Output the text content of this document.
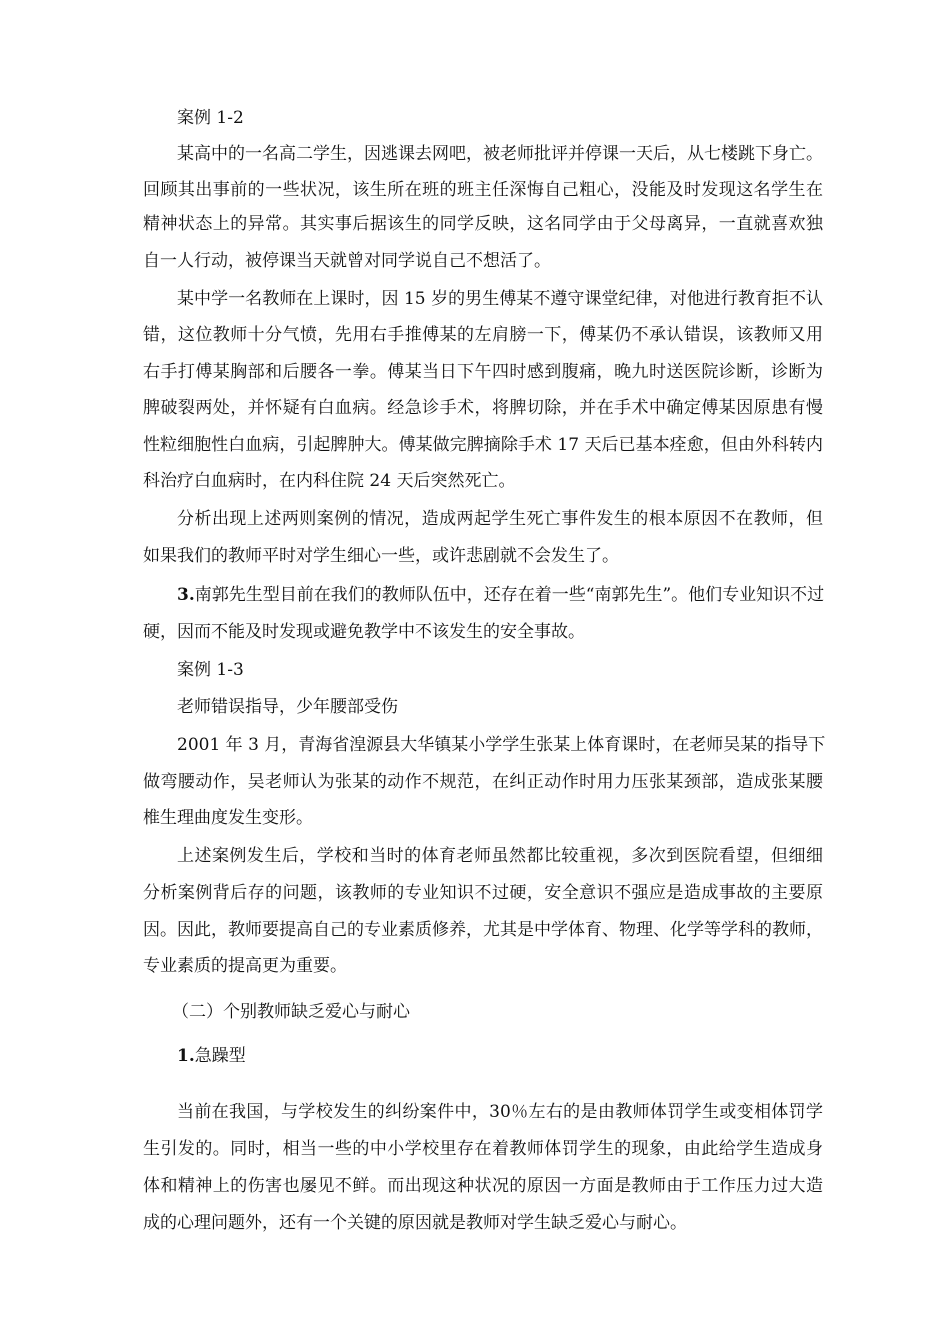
案例 1-2
某高中的一名高二学生，因逃课去网吧，被老师批评并停课一天后，从七楼跳下身亡。
回顾其出事前的一些状况，该生所在班的班主任深悔自己粗心，没能及时发现这名学生在
精神状态上的异常。其实事后据该生的同学反映，这名同学由于父母离异，一直就喜欢独
自一人行动，被停课当天就曾对同学说自己不想活了。
某中学一名教师在上课时，因 15 岁的男生傅某不遵守课堂纪律，对他进行教育拒不认
错，这位教师十分气愤，先用右手推傅某的左肩膀一下，傅某仍不承认错误，该教师又用
右手打傅某胸部和后腰各一拳。傅某当日下午四时感到腹痛，晚九时送医院诊断，诊断为
脾破裂两处，并怀疑有白血病。经急诊手术，将脾切除，并在手术中确定傅某因原患有慢
性粒细胞性白血病，引起脾肿大。傅某做完脾摘除手术 17 天后已基本痊愈，但由外科转内
科治疗白血病时，在内科住院 24 天后突然死亡。
分析出现上述两则案例的情况，造成两起学生死亡事件发生的根本原因不在教师，但
如果我们的教师平时对学生细心一些，或许悲剧就不会发生了。
3.南郭先生型目前在我们的教师队伍中，还存在着一些“南郭先生”。他们专业知识不过
硬，因而不能及时发现或避免教学中不该发生的安全事故。
案例 1-3
老师错误指导，少年腰部受伤
2001 年 3 月，青海省湟源县大华镇某小学学生张某上体育课时，在老师吴某的指导下
做弯腰动作，吴老师认为张某的动作不规范，在纠正动作时用力压张某颈部，造成张某腰
椎生理曲度发生变形。
上述案例发生后，学校和当时的体育老师虽然都比较重视，多次到医院看望，但细细
分析案例背后存的问题，该教师的专业知识不过硬，安全意识不强应是造成事故的主要原
因。因此，教师要提高自己的专业素质修养，尤其是中学体育、物理、化学等学科的教师，
专业素质的提高更为重要。
（二）个别教师缺乏爱心与耐心
1.急躁型
当前在我国，与学校发生的纠纷案件中，30％左右的是由教师体罚学生或变相体罚学
生引发的。同时，相当一些的中小学校里存在着教师体罚学生的现象，由此给学生造成身
体和精神上的伤害也屡见不鲜。而出现这种状况的原因一方面是教师由于工作压力过大造
成的心理问题外，还有一个关键的原因就是教师对学生缺乏爱心与耐心。
